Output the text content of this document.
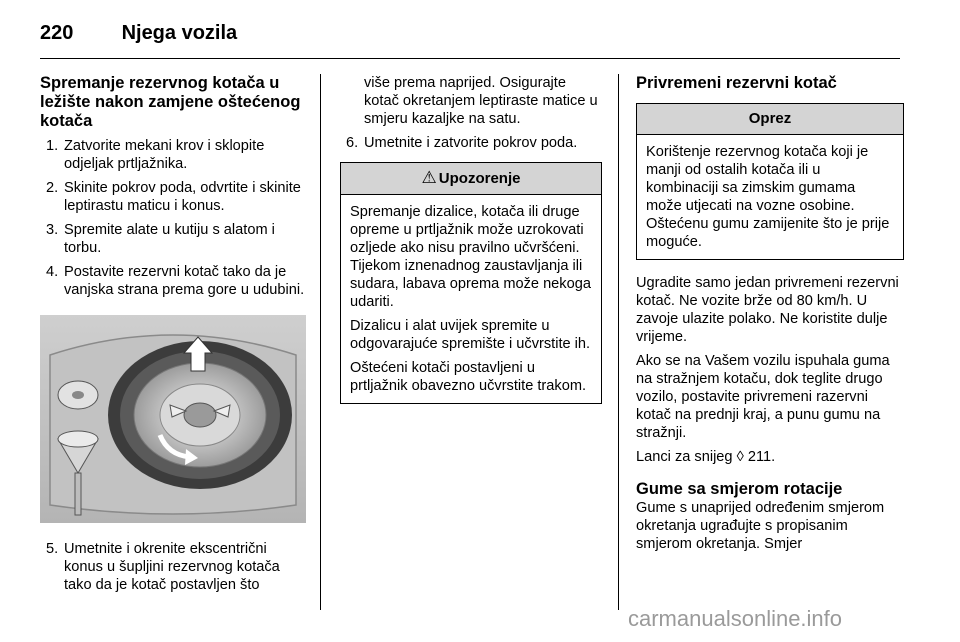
220 Njega vozila
Spremanje rezervnog kotača u ležište nakon zamjene oštećenog kotača
1. Zatvorite mekani krov i sklopite odjeljak prtljažnika.
2. Skinite pokrov poda, odvrtite i skinite leptirastu maticu i konus.
3. Spremite alate u kutiju s alatom i torbu.
4. Postavite rezervni kotač tako da je vanjska strana prema gore u udubini.
5. Umetnite i okrenite ekscentrični konus u šupljini rezervnog kotača tako da je kotač postavljen što
više prema naprijed. Osigurajte kotač okretanjem leptiraste matice u smjeru kazaljke na satu.
6. Umetnite i zatvorite pokrov poda.
⚠ Upozorenje

Spremanje dizalice, kotača ili druge opreme u prtljažnik može uzrokovati ozljede ako nisu pravilno učvršćeni. Tijekom iznenadnog zaustavljanja ili sudara, labava oprema može nekoga udariti.

Dizalicu i alat uvijek spremite u odgovarajuće spremište i učvrstite ih.

Oštećeni kotači postavljeni u prtljažnik obavezno učvrstite trakom.

Privremeni rezervni kotač
Oprez
Korištenje rezervnog kotača koji je manji od ostalih kotača ili u kombinaciji sa zimskim gumama može utjecati na vozne osobine. Oštećenu gumu zamijenite što je prije moguće.

Ugradite samo jedan privremeni rezervni kotač. Ne vozite brže od 80 km/h. U zavoje ulazite polako. Ne koristite dulje vrijeme.

Ako se na Vašem vozilu ispuhala guma na stražnjem kotaču, dok teglite drugo vozilo, postavite privremeni razervni kotač na prednji kraj, a punu gumu na stražnji.

Lanci za snijeg ◊ 211.

Gume sa smjerom rotacije

Gume s unaprijed određenim smjerom okretanja ugrađujte s propisanim smjerom okretanja. Smjer

carmanualsonline.info
